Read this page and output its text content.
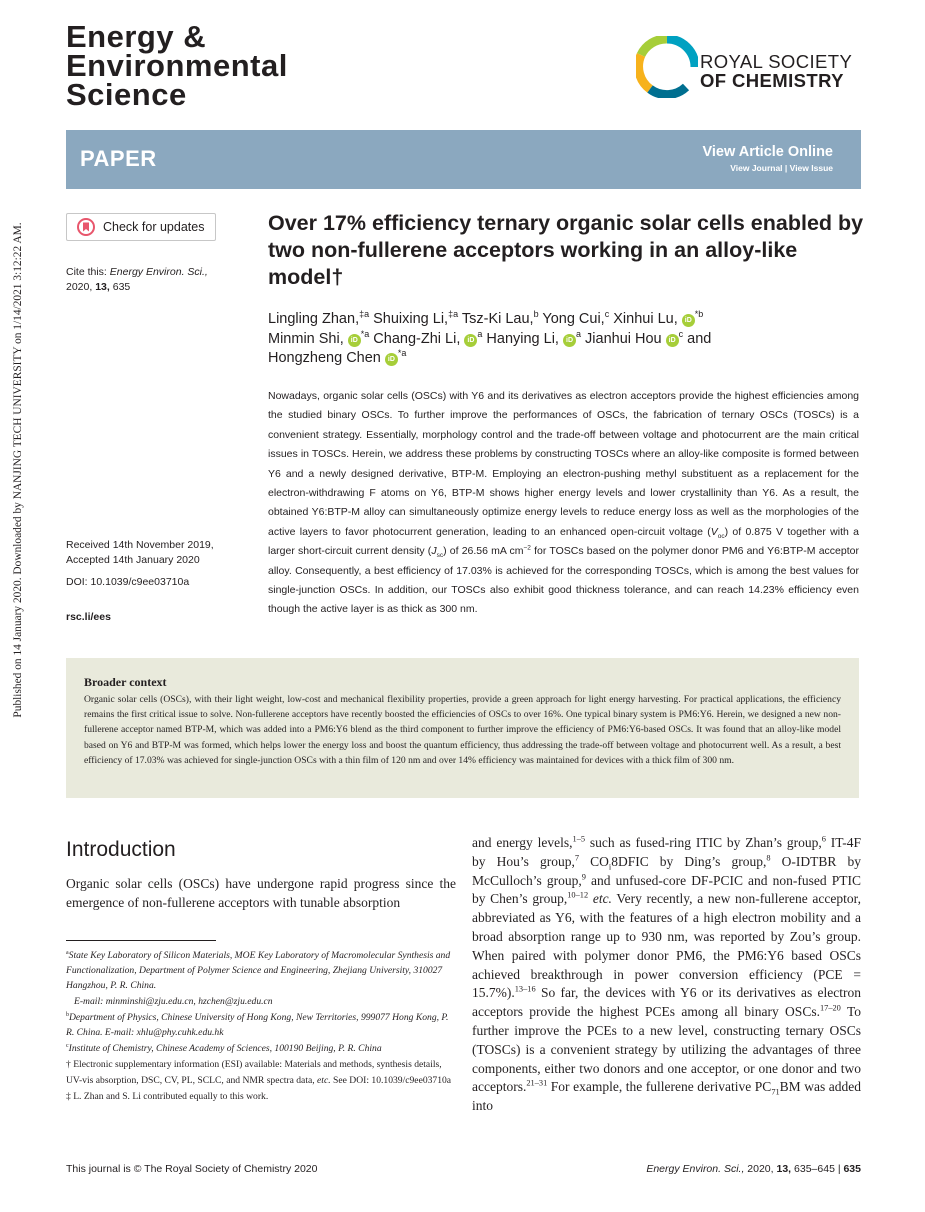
Published on 14 January 2020. Downloaded by NANJING TECH UNIVERSITY on 1/14/2021 3:12:22 AM.
Energy &
Environmental
Science
ROYAL SOCIETY
OF CHEMISTRY
PAPER	View Article Online
View Journal | View Issue
Check for updates
Cite this: Energy Environ. Sci.,
2020, 13, 635
Received 14th November 2019,
Accepted 14th January 2020
DOI: 10.1039/c9ee03710a
rsc.li/ees
Over 17% efficiency ternary organic solar cells enabled by two non-fullerene acceptors working in an alloy-like model†
Lingling Zhan,$^{\ddagger a}$ Shuixing Li,$^{\ddagger a}$ Tsz-Ki Lau,$^b$ Yong Cui,$^c$ Xinhui Lu, $iD^{*b}$
Minmin Shi, $iD^{*a}$ Chang-Zhi Li, $iD^a$ Hanying Li, $iD^a$ Jianhui Hou $iD^c$ and
Hongzheng Chen $iD^{*a}$
Nowadays, organic solar cells (OSCs) with Y6 and its derivatives as electron acceptors provide the highest efficiencies among the studied binary OSCs. To further improve the performances of OSCs, the fabrication of ternary OSCs (TOSCs) is a convenient strategy. Essentially, morphology control and the trade-off between voltage and photocurrent are the main critical issues in TOSCs. Herein, we address these problems by constructing TOSCs where an alloy-like composite is formed between Y6 and a newly designed derivative, BTP-M. Employing an electron-pushing methyl substituent as a replacement for the electron-withdrawing F atoms on Y6, BTP-M shows higher energy levels and lower crystallinity than Y6. As a result, the obtained Y6:BTP-M alloy can simultaneously optimize energy levels to reduce energy loss as well as the morphologies of the active layers to favor photocurrent generation, leading to an enhanced open-circuit voltage $(V_{oc})$ of 0.875 V together with a larger short-circuit current density $(J_{sc})$ of 26.56 mA $cm^{-2}$ for TOSCs based on the polymer donor PM6 and Y6:BTP-M acceptor alloy. Consequently, a best efficiency of 17.03% is achieved for the corresponding TOSCs, which is among the best values for single-junction OSCs. In addition, our TOSCs also exhibit good thickness tolerance, and can reach 14.23% efficiency even though the active layer is as thick as 300 nm.
Broader context

Organic solar cells (OSCs), with their light weight, low-cost and mechanical flexibility properties, provide a green approach for light energy harvesting. For practical applications, the efficiency remains the first critical issue to solve. Non-fullerene acceptors have recently boosted the efficiencies of OSCs to over 16%. One typical binary system is PM6:Y6. Herein, we designed a new non-fullerene acceptor named BTP-M, which was added into a PM6:Y6 blend as the third component to further improve the efficiency of PM6:Y6-based OSCs. It was found that an alloy-like model based on Y6 and BTP-M was formed, which helps lower the energy loss and boost the quantum efficiency, thus addressing the trade-off between voltage and photocurrent well. As a result, a best efficiency of 17.03% was achieved for single-junction OSCs with a thin film of 120 nm and over 14% efficiency was maintained for devices with a thick film of 300 nm.

Introduction
Organic solar cells (OSCs) have undergone rapid progress since the emergence of non-fullerene acceptors with tunable absorption
$^a$State Key Laboratory of Silicon Materials, MOE Key Laboratory of Macromolecular Synthesis and Functionalization, Department of Polymer Science and Engineering, Zhejiang University, 310027 Hangzhou, P. R. China.
E-mail: minminshi@zju.edu.cn, hzchen@zju.edu.cn
$^b$Department of Physics, Chinese University of Hong Kong, New Territories, 999077 Hong Kong, P. R. China. E-mail: xhlu@phy.cuhk.edu.hk
$^c$Institute of Chemistry, Chinese Academy of Sciences, 100190 Beijing, P. R. China
† Electronic supplementary information (ESI) available: Materials and methods, synthesis details, UV-vis absorption, DSC, CV, PL, SCLC, and NMR spectra data, etc. See DOI: 10.1039/c9ee03710a
‡ L. Zhan and S. Li contributed equally to this work.
and energy levels,$^{1-5}$ such as fused-ring ITIC by Zhan’s group,$^6$ IT-4F by Hou’s group,$^7$ $CO_i8DFIC$ by Ding’s group,$^8$ O-IDTBR by McCulloch’s group,$^9$ and unfused-core DF-PCIC and non-fused PTIC by Chen’s group,$^{10-12}$ etc. Very recently, a new non-fullerene acceptor, abbreviated as Y6, with the features of a high electron mobility and a broad absorption range up to 930 nm, was reported by Zou’s group. When paired with polymer donor PM6, the PM6:Y6 based OSCs achieved breakthrough in power conversion efficiency (PCE = 15.7%).$^{13-16}$ So far, the devices with Y6 or its derivatives as electron acceptors provide the highest PCEs among all binary OSCs.$^{17-20}$ To further improve the PCEs to a new level, constructing ternary OSCs (TOSCs) is a convenient strategy by utilizing the advantages of three components, either two donors and one acceptor, or one donor and two acceptors.$^{21-31}$ For example, the fullerene derivative $PC_{71}BM$ was added into
This journal is © The Royal Society of Chemistry 2020	Energy Environ. Sci., 2020, 13, 635–645 | 635
